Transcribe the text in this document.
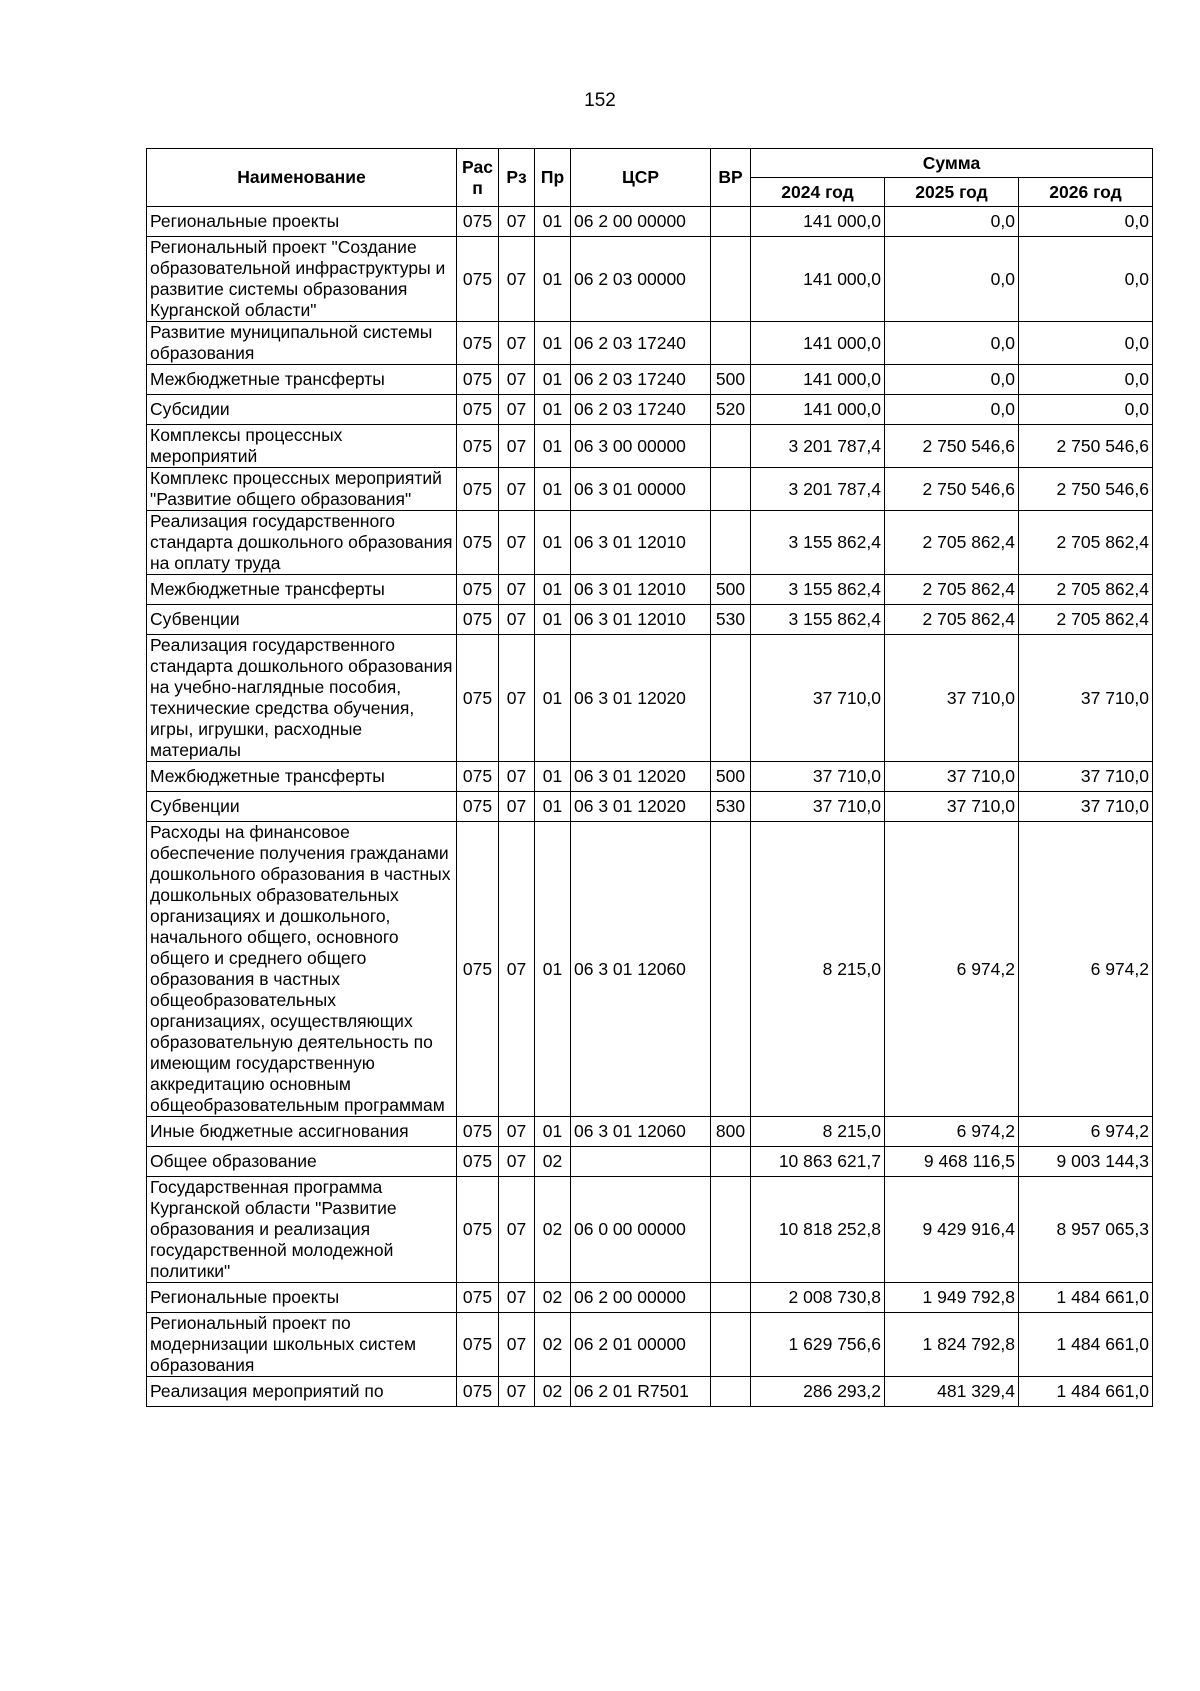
152
Наименование	Рас п	Рз	Пр	ЦСР	ВР	Сумма		
						2024 год	2025 год	2026 год
Региональные проекты	075	07	01	06 2 00 00000		141 000,0	0,0	0,0
Региональный проект "Создание образовательной инфраструктуры и развитие системы образования Курганской области"	075	07	01	06 2 03 00000		141 000,0	0,0	0,0
Развитие муниципальной системы образования	075	07	01	06 2 03 17240		141 000,0	0,0	0,0
Межбюджетные трансферты	075	07	01	06 2 03 17240	500	141 000,0	0,0	0,0
Субсидии	075	07	01	06 2 03 17240	520	141 000,0	0,0	0,0
Комплексы процессных мероприятий	075	07	01	06 3 00 00000		3 201 787,4	2 750 546,6	2 750 546,6
Комплекс процессных мероприятий "Развитие общего образования"	075	07	01	06 3 01 00000		3 201 787,4	2 750 546,6	2 750 546,6
Реализация государственного стандарта дошкольного образования на оплату труда	075	07	01	06 3 01 12010		3 155 862,4	2 705 862,4	2 705 862,4
Межбюджетные трансферты	075	07	01	06 3 01 12010	500	3 155 862,4	2 705 862,4	2 705 862,4
Субвенции	075	07	01	06 3 01 12010	530	3 155 862,4	2 705 862,4	2 705 862,4
Реализация государственного стандарта дошкольного образования на учебно-наглядные пособия, технические средства обучения, игры, игрушки, расходные материалы	075	07	01	06 3 01 12020		37 710,0	37 710,0	37 710,0
Межбюджетные трансферты	075	07	01	06 3 01 12020	500	37 710,0	37 710,0	37 710,0
Субвенции	075	07	01	06 3 01 12020	530	37 710,0	37 710,0	37 710,0
Расходы на финансовое обеспечение получения гражданами дошкольного образования в частных дошкольных образовательных организациях и дошкольного, начального общего, основного общего и среднего общего образования в частных общеобразовательных организациях, осуществляющих образовательную деятельность по имеющим государственную аккредитацию основным общеобразовательным программам	075	07	01	06 3 01 12060		8 215,0	6 974,2	6 974,2
Иные бюджетные ассигнования	075	07	01	06 3 01 12060	800	8 215,0	6 974,2	6 974,2
Общее образование	075	07	02			10 863 621,7	9 468 116,5	9 003 144,3
Государственная программа Курганской области "Развитие образования и реализация государственной молодежной политики"	075	07	02	06 0 00 00000		10 818 252,8	9 429 916,4	8 957 065,3
Региональные проекты	075	07	02	06 2 00 00000		2 008 730,8	1 949 792,8	1 484 661,0
Региональный проект по модернизации школьных систем образования	075	07	02	06 2 01 00000		1 629 756,6	1 824 792,8	1 484 661,0
Реализация мероприятий по	075	07	02	06 2 01 R7501		286 293,2	481 329,4	1 484 661,0
